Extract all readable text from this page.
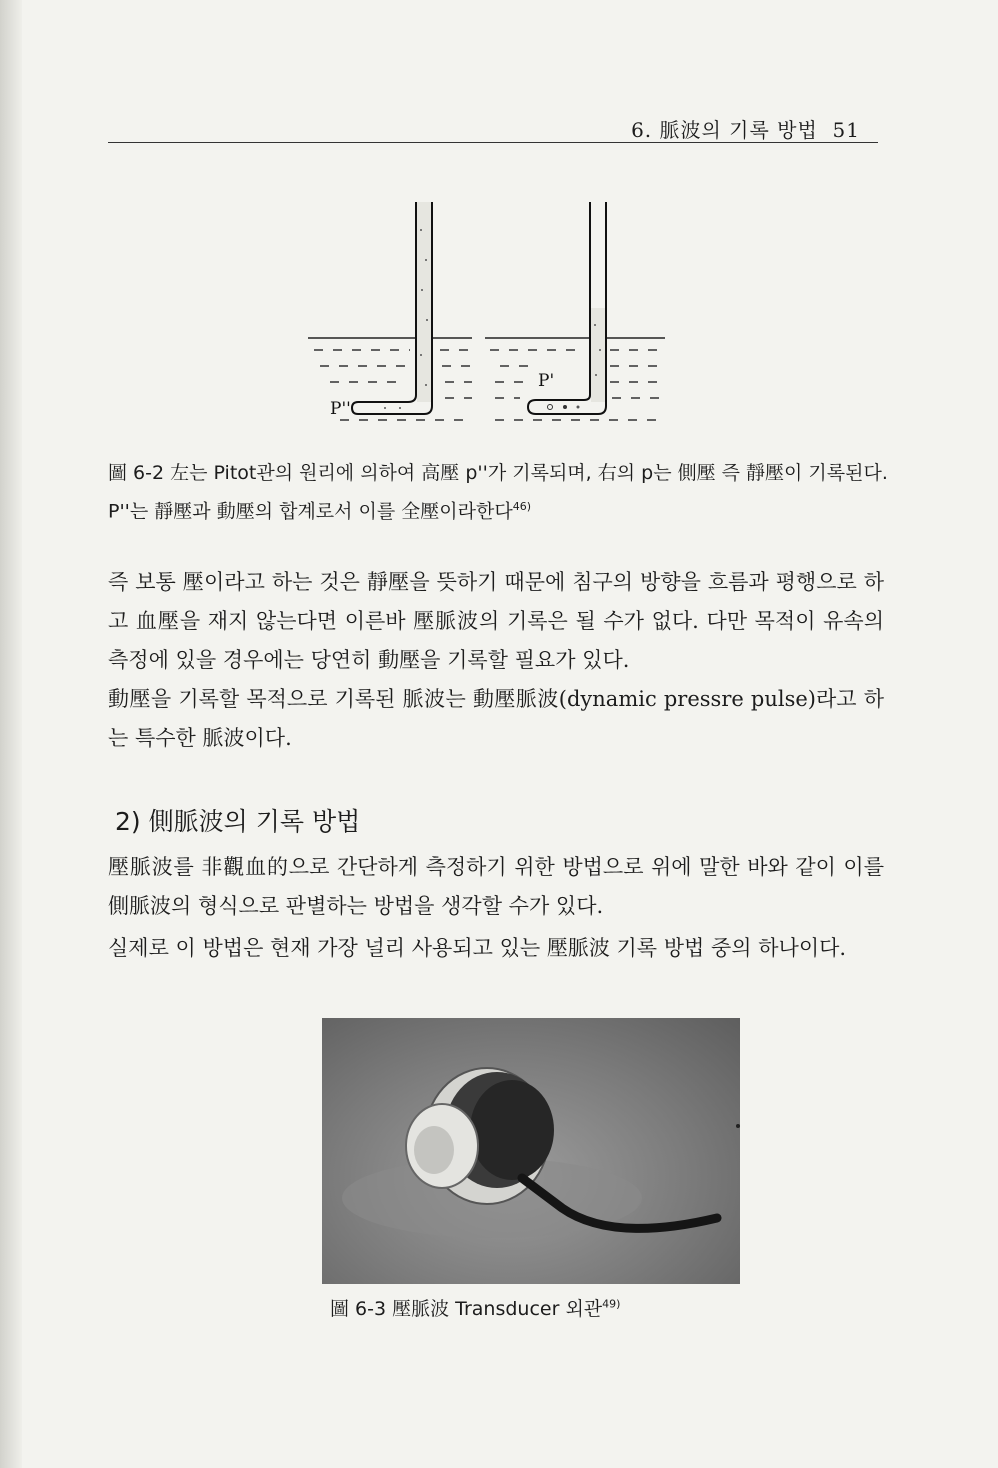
6. 脈波의 기록 방법 51
P''
P'
圖 6-2 左는 Pitot관의 원리에 의하여 高壓 p''가 기록되며, 右의 p는 側壓 즉 靜壓이 기록된다. P''는 靜壓과 動壓의 합계로서 이를 全壓이라한다$^{46)}$
즉 보통 壓이라고 하는 것은 靜壓을 뜻하기 때문에 침구의 방향을 흐름과 평행으로 하고 血壓을 재지 않는다면 이른바 壓脈波의 기록은 될 수가 없다. 다만 목적이 유속의 측정에 있을 경우에는 당연히 動壓을 기록할 필요가 있다.
動壓을 기록할 목적으로 기록된 脈波는 動壓脈波(dynamic pressre pulse)라고 하는 특수한 脈波이다.
2) 側脈波의 기록 방법
壓脈波를 非觀血的으로 간단하게 측정하기 위한 방법으로 위에 말한 바와 같이 이를 側脈波의 형식으로 판별하는 방법을 생각할 수가 있다.
실제로 이 방법은 현재 가장 널리 사용되고 있는 壓脈波 기록 방법 중의 하나이다.
圖 6-3 壓脈波 Transducer 외관$^{49)}$
